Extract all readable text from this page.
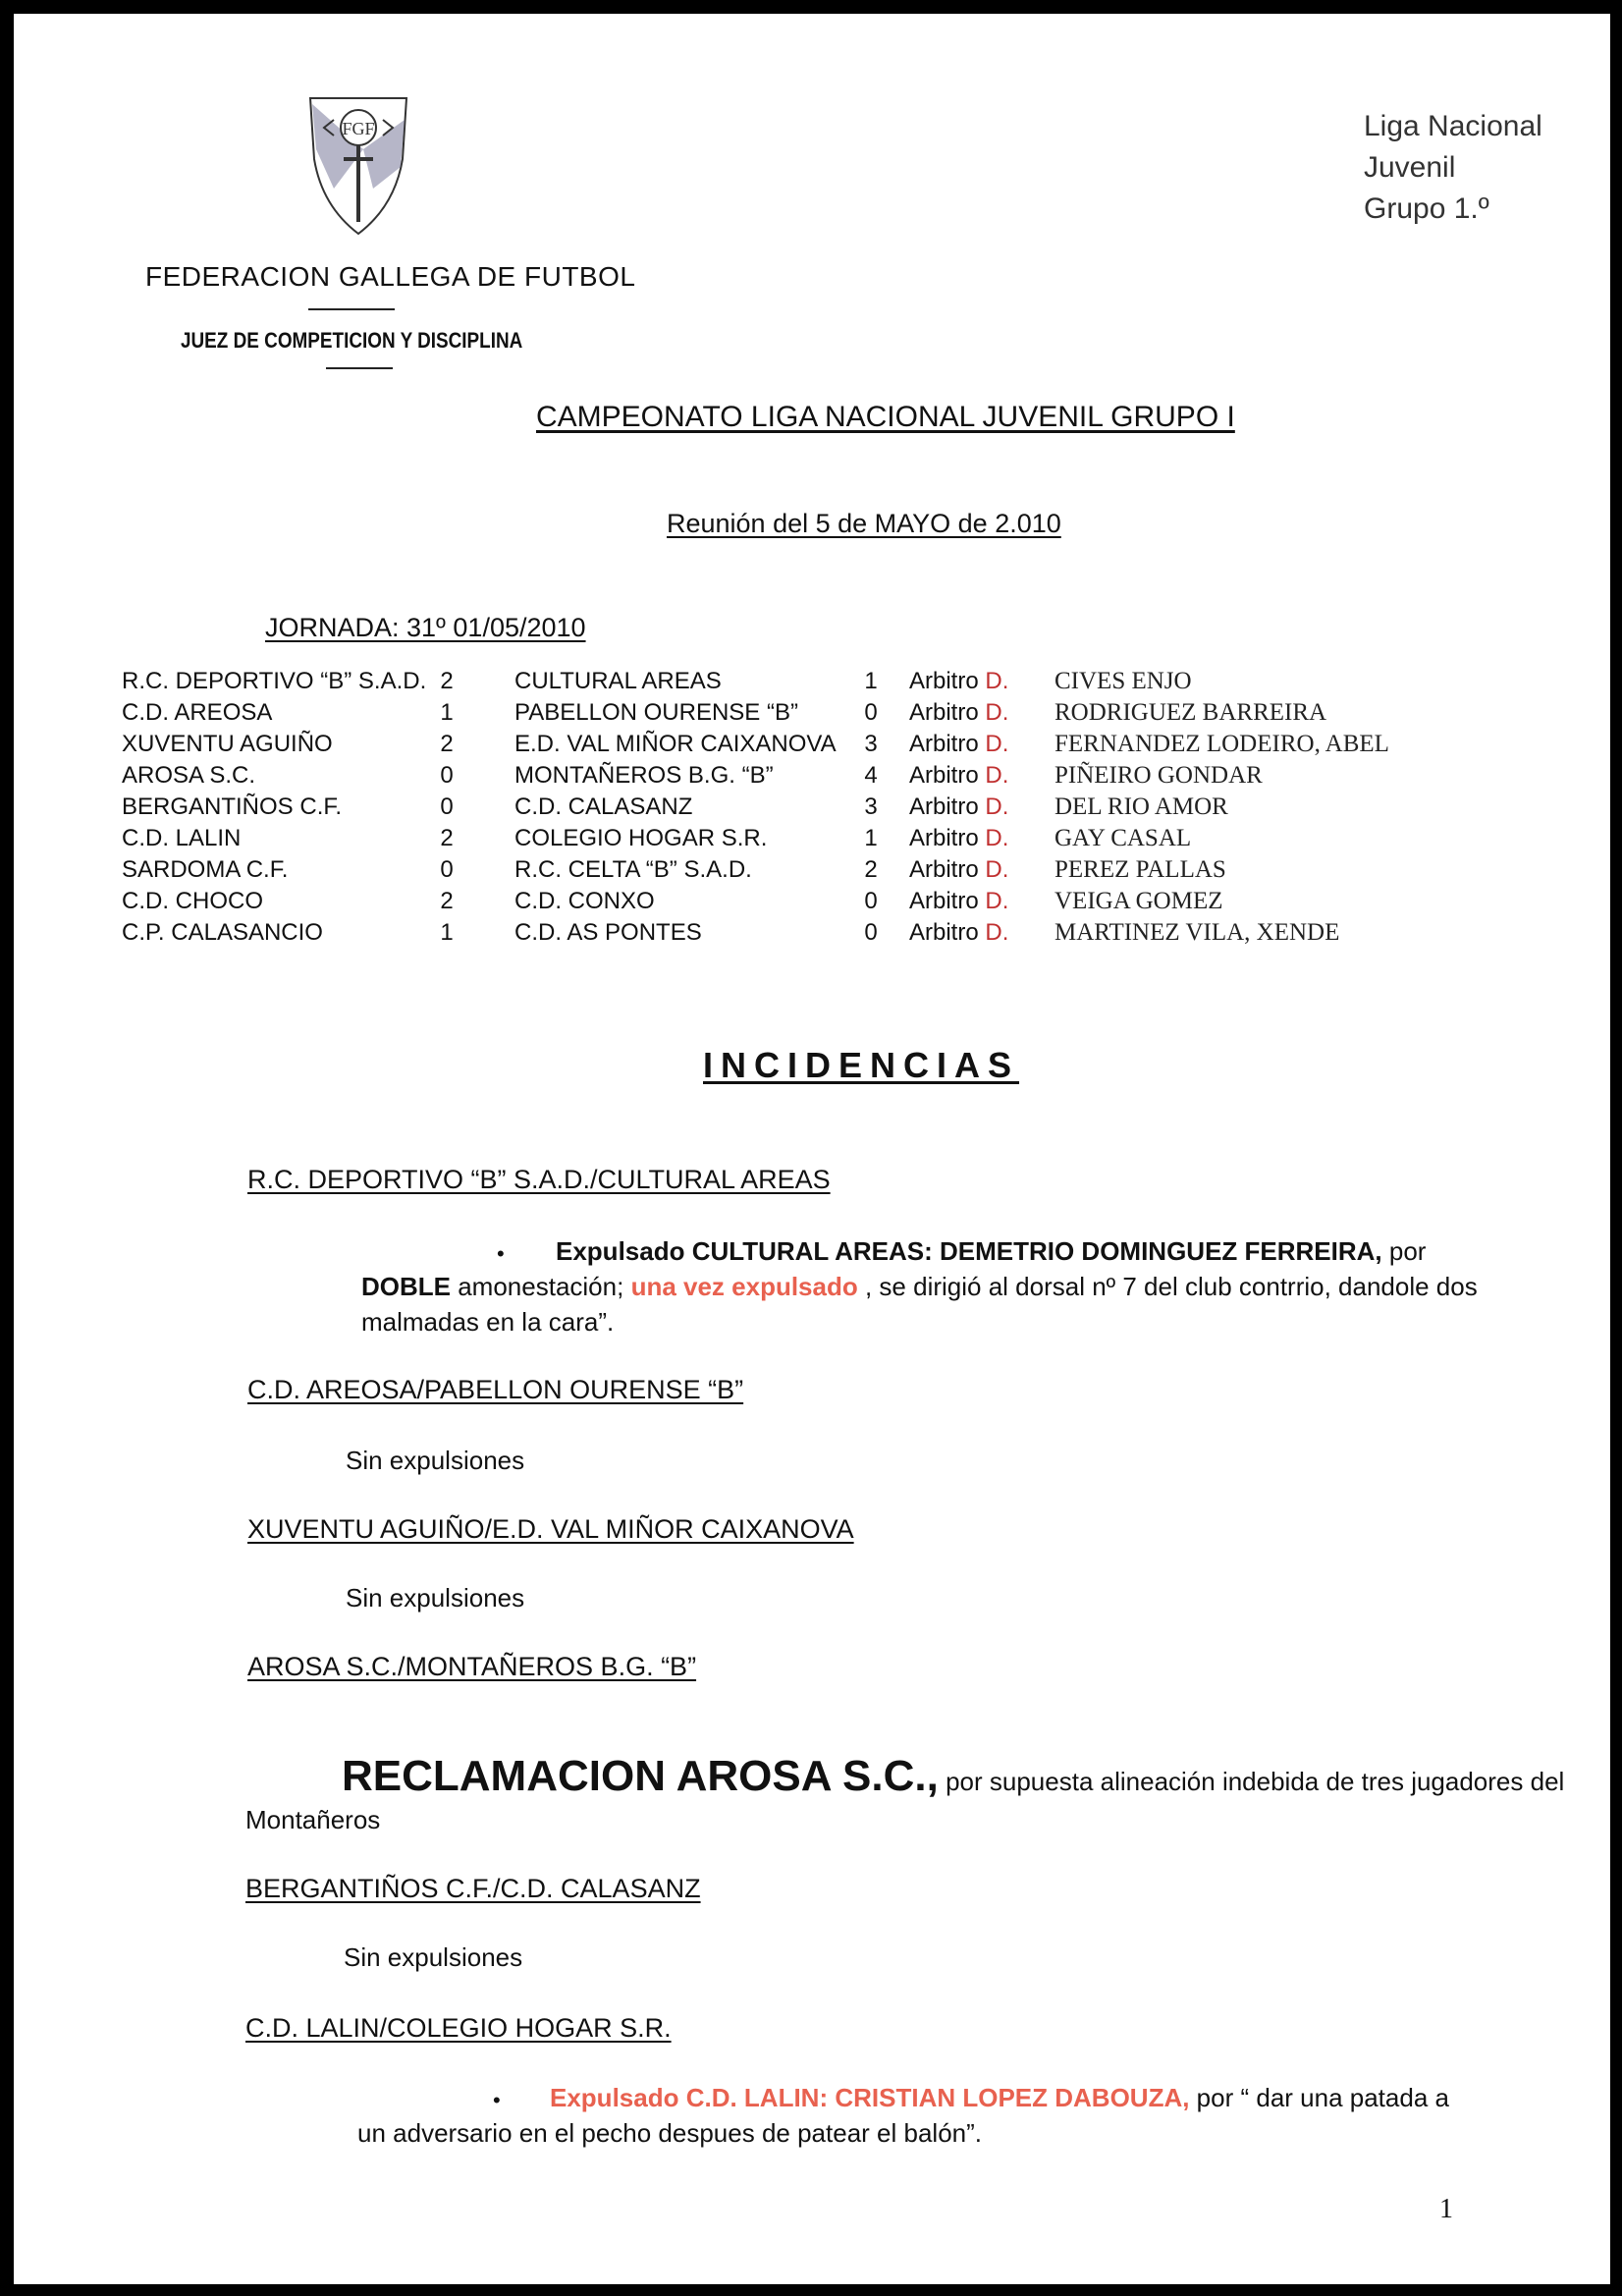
FGF
FEDERACION GALLEGA DE FUTBOL
JUEZ DE COMPETICION Y DISCIPLINA
Liga Nacional
Juvenil
Grupo 1.º
CAMPEONATO LIGA NACIONAL JUVENIL GRUPO I
Reunión del 5 de MAYO de 2.010
JORNADA: 31º 01/05/2010
R.C. DEPORTIVO “B” S.A.D. 2	CULTURAL AREAS	1 Arbitro D. CIVES ENJO
C.D. AREOSA	1	PABELLON OURENSE “B”	0 Arbitro D. RODRIGUEZ BARREIRA
XUVENTU AGUIÑO	2	E.D. VAL MIÑOR CAIXANOVA 3 Arbitro D. FERNANDEZ LODEIRO, ABEL
AROSA S.C.	0	MONTAÑEROS B.G. “B”	4 Arbitro D. PIÑEIRO GONDAR
BERGANTIÑOS C.F.	0	C.D. CALASANZ	3 Arbitro D. DEL RIO AMOR
C.D. LALIN	2	COLEGIO HOGAR S.R.	1 Arbitro D. GAY CASAL
SARDOMA C.F.	0	R.C. CELTA “B” S.A.D.	2 Arbitro D. PEREZ PALLAS
C.D. CHOCO	2	C.D. CONXO	0 Arbitro D. VEIGA GOMEZ
C.P. CALASANCIO	1	C.D. AS PONTES	0 Arbitro D. MARTINEZ VILA, XENDE
INCIDENCIAS
R.C. DEPORTIVO “B” S.A.D./CULTURAL AREAS
• Expulsado CULTURAL AREAS: DEMETRIO DOMINGUEZ FERREIRA, por
DOBLE amonestación; una vez expulsado , se dirigió al dorsal nº 7 del club contrrio, dandole dos
malmadas en la cara”.
C.D. AREOSA/PABELLON OURENSE “B”
Sin expulsiones
XUVENTU AGUIÑO/E.D. VAL MIÑOR CAIXANOVA
Sin expulsiones
AROSA S.C./MONTAÑEROS B.G. “B”
RECLAMACION AROSA S.C., por supuesta alineación indebida de tres jugadores del
Montañeros
BERGANTIÑOS C.F./C.D. CALASANZ
Sin expulsiones
C.D. LALIN/COLEGIO HOGAR S.R.
• Expulsado C.D. LALIN: CRISTIAN LOPEZ DABOUZA, por “ dar una patada a
un adversario en el pecho despues de patear el balón”.
1
